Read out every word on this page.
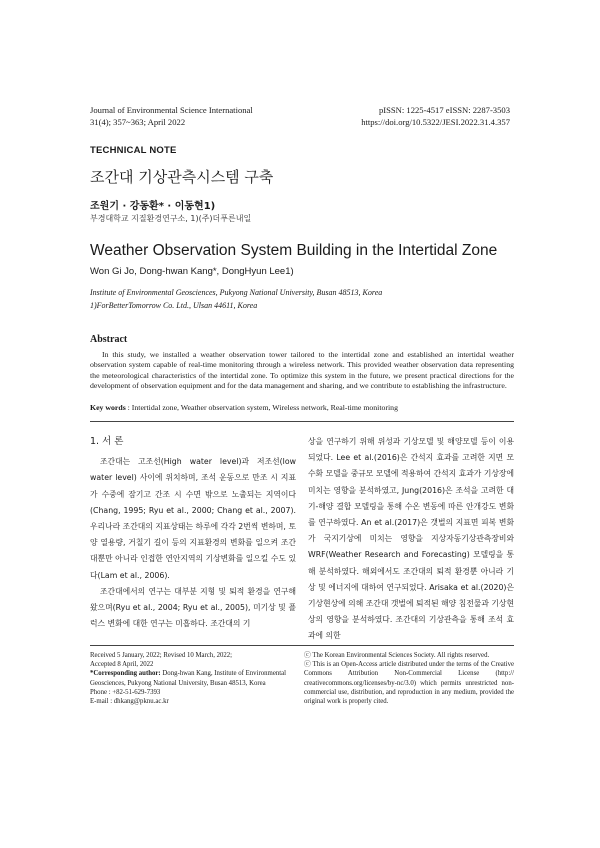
Journal of Environmental Science International
31(4); 357~363; April 2022
pISSN: 1225-4517 eISSN: 2287-3503
https://doi.org/10.5322/JESI.2022.31.4.357
TECHNICAL NOTE
조간대 기상관측시스템 구축
조원기 · 강동환* · 이동현1)
부경대학교 지질환경연구소, 1)(주)더푸른내일
Weather Observation System Building in the Intertidal Zone
Won Gi Jo, Dong-hwan Kang*, DongHyun Lee1)
Institute of Environmental Geosciences, Pukyong National University, Busan 48513, Korea
1)ForBetterTomorrow Co. Ltd., Ulsan 44611, Korea
Abstract
In this study, we installed a weather observation tower tailored to the intertidal zone and established an intertidal weather observation system capable of real-time monitoring through a wireless network. This provided weather observation data representing the meteorological characteristics of the intertidal zone. To optimize this system in the future, we present practical directions for the development of observation equipment and for the data management and sharing, and we contribute to establishing the infrastructure.
Key words : Intertidal zone, Weather observation system, Wireless network, Real-time monitoring
1. 서 론

조간대는 고조선(High water level)과 저조선(low water level) 사이에 위치하며, 조석 운동으로 만조 시 지표가 수중에 잠기고 간조 시 수면 밖으로 노출되는 지역이다(Chang, 1995; Ryu et al., 2000; Chang et al., 2007). 우리나라 조간대의 지표상태는 하루에 각각 2번씩 변하며, 토양 열용량, 거칠기 길이 등의 지표환경의 변화를 일으켜 조간대뿐만 아니라 인접한 연안지역의 기상변화를 일으킬 수도 있다(Lam et al., 2006).

조간대에서의 연구는 대부분 지형 및 퇴적 환경을 연구해 왔으며(Ryu et al., 2004; Ryu et al., 2005), 미기상 및 플럭스 변화에 대한 연구는 미흡하다. 조간대의 기

상을 연구하기 위해 위성과 기상모델 및 해양모델 등이 이용되었다. Lee et al.(2016)은 간석지 효과를 고려한 지면 모수화 모델을 중규모 모델에 적용하여 간석지 효과가 기상장에 미치는 영향을 분석하였고, Jung(2016)은 조석을 고려한 대기-해양 결합 모델링을 통해 수온 변동에 따른 안개강도 변화를 연구하였다. An et al.(2017)은 갯벌의 지표면 피복 변화가 국지기상에 미치는 영향을 지상자동기상관측장비와 WRF(Weather Research and Forecasting) 모델링을 통해 분석하였다. 해외에서도 조간대의 퇴적 환경뿐 아니라 기상 및 에너지에 대하여 연구되었다. Arisaka et al.(2020)은 기상현상에 의해 조간대 갯벌에 퇴적된 해양 침전물과 기상현상의 영향을 분석하였다. 조간대의 기상관측을 통해 조석 효과에 의한

Received 5 January, 2022; Revised 10 March, 2022;
Accepted 8 April, 2022
*Corresponding author: Dong-hwan Kang, Institute of Environmental Geosciences, Pukyong National University, Busan 48513, Korea
Phone : +82-51-629-7393
E-mail : dhkang@pknu.ac.kr
ⓒ The Korean Environmental Sciences Society. All rights reserved.
ⓒ This is an Open-Access article distributed under the terms of the Creative Commons Attribution Non-Commercial License (http:// creativecommons.org/licenses/by-nc/3.0) which permits unrestricted non-commercial use, distribution, and reproduction in any medium, provided the original work is properly cited.
